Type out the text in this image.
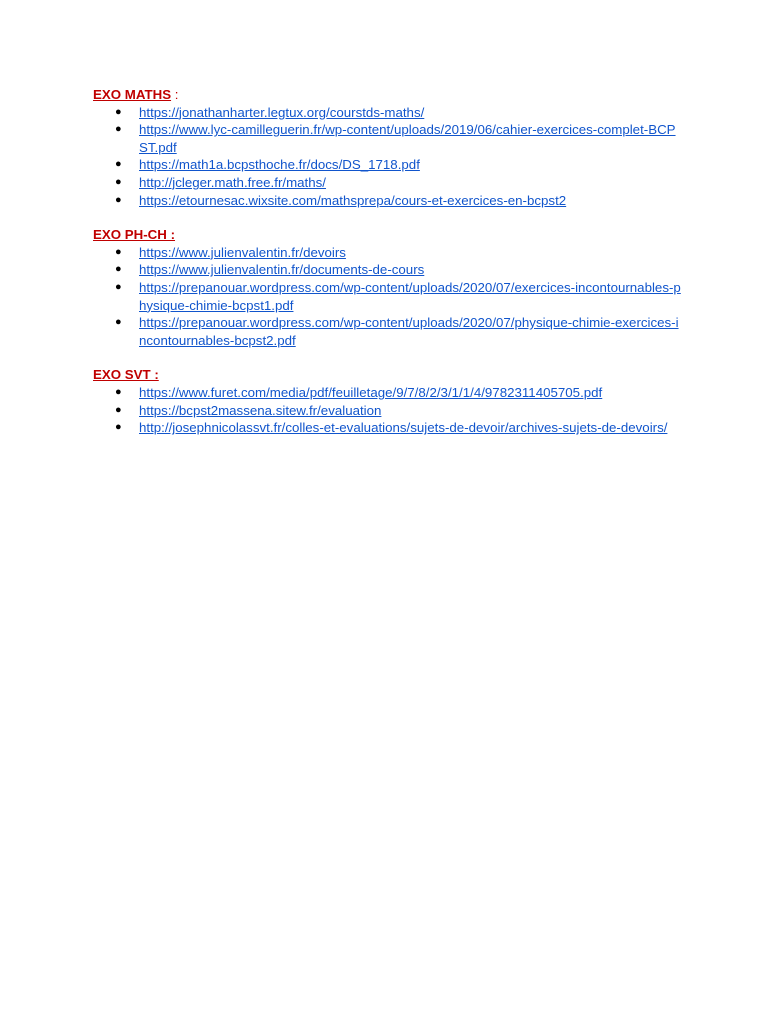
EXO MATHS :
● https://jonathanharter.legtux.org/courstds-maths/
● https://www.lyc-camilleguerin.fr/wp-content/uploads/2019/06/cahier-exercices-complet-BCPST.pdf
● https://math1a.bcpsthoche.fr/docs/DS_1718.pdf
● http://jcleger.math.free.fr/maths/
● https://etournesac.wixsite.com/mathsprepa/cours-et-exercices-en-bcpst2
EXO PH-CH :
● https://www.julienvalentin.fr/devoirs
● https://www.julienvalentin.fr/documents-de-cours
● https://prepanouar.wordpress.com/wp-content/uploads/2020/07/exercices-incontournables-physique-chimie-bcpst1.pdf
● https://prepanouar.wordpress.com/wp-content/uploads/2020/07/physique-chimie-exercices-incontournables-bcpst2.pdf
EXO SVT :
● https://www.furet.com/media/pdf/feuilletage/9/7/8/2/3/1/1/4/9782311405705.pdf
● https://bcpst2massena.sitew.fr/evaluation
● http://josephnicolassvt.fr/colles-et-evaluations/sujets-de-devoir/archives-sujets-de-devoirs/
